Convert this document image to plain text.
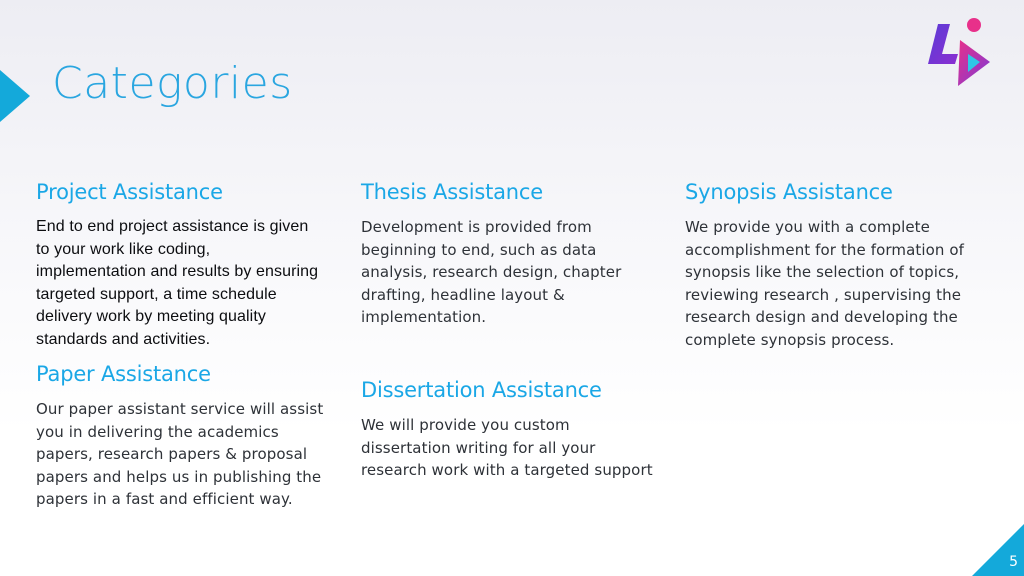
Categories
Project Assistance
End to end project assistance is given
to your work like coding,
implementation and results by ensuring
targeted support, a time schedule
delivery work by meeting quality
standards and activities.
Thesis Assistance
Development is provided from
beginning to end, such as data
analysis, research design, chapter
drafting, headline layout &
implementation.
Synopsis Assistance
We provide you with a complete
accomplishment for the formation of
synopsis like the selection of topics,
reviewing research , supervising the
research design and developing the
complete synopsis process.
Paper Assistance
Our paper assistant service will assist
you in delivering the academics
papers, research papers & proposal
papers and helps us in publishing the
papers in a fast and efficient way.
Dissertation Assistance
We will provide you custom
dissertation writing for all your
research work with a targeted support
5
